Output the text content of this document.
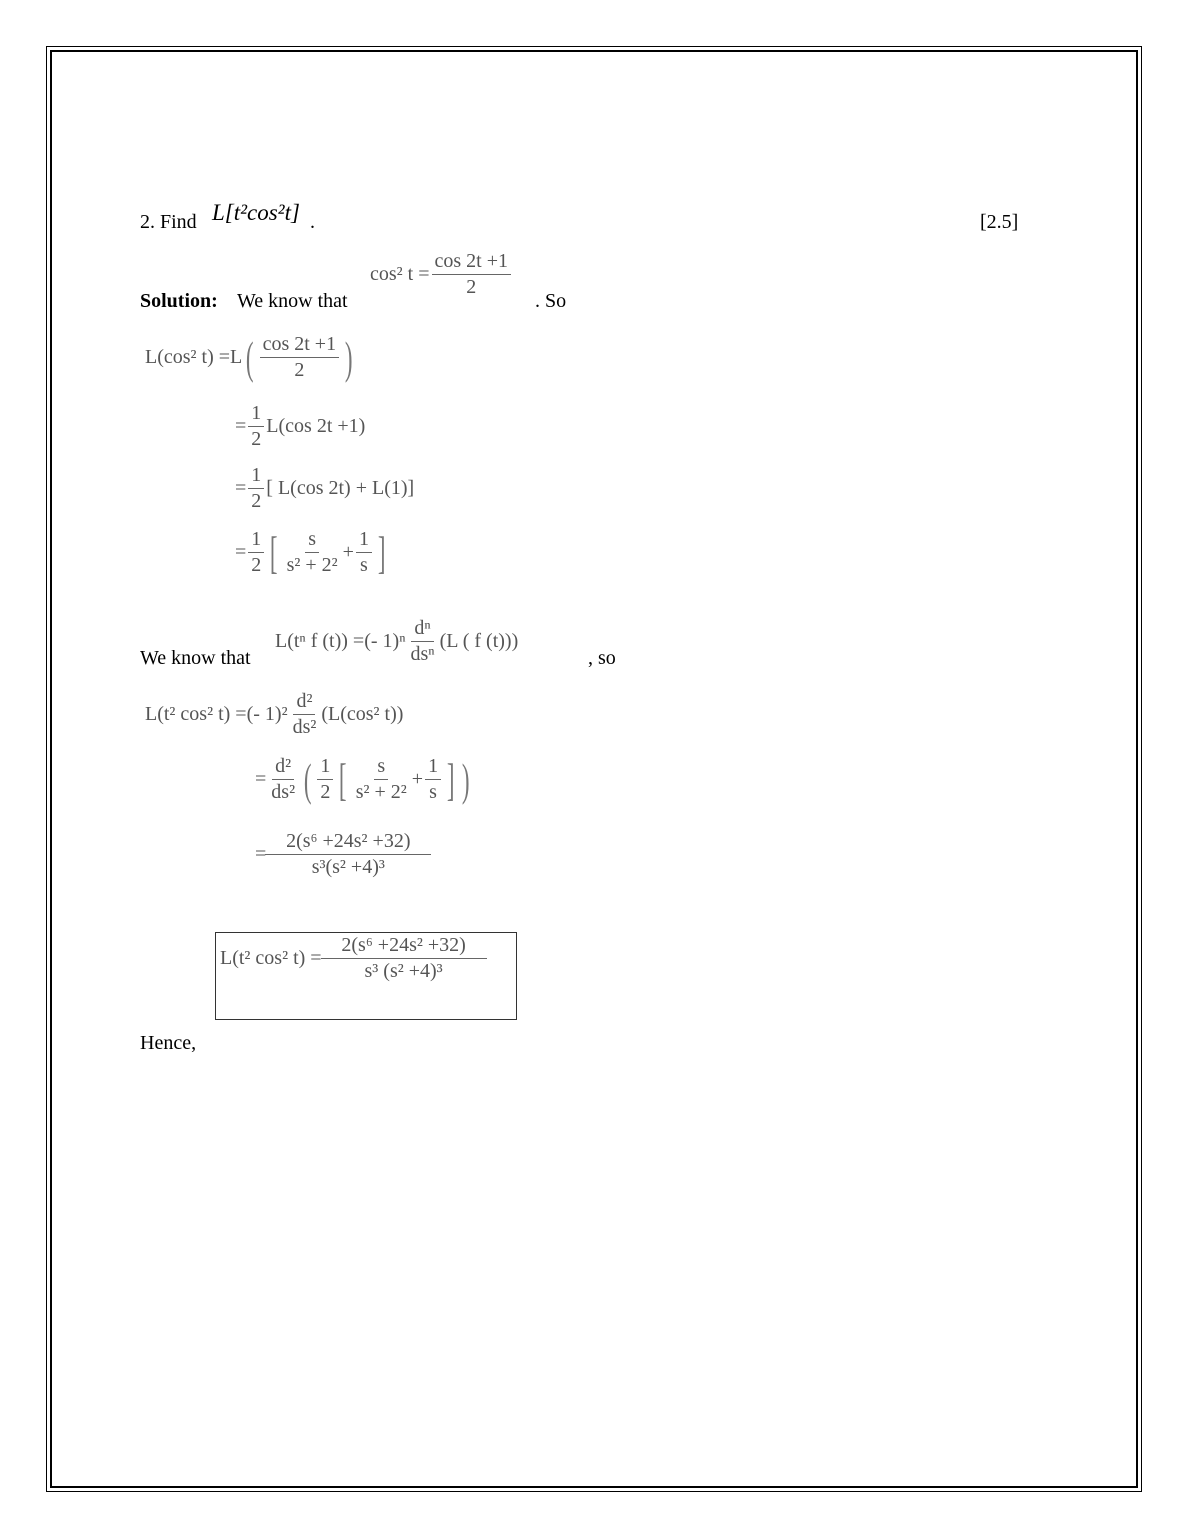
2. Find L[t²cos²t] .	[2.5]
Solution: We know that
cos² $t = \frac{\cos 2t +1}{2}$
. So
L(cos² t) =L ( $\frac{\cos 2t +1}{2}$ )
= $\frac{1}{2} L(\cos$ 2t +1)
= $\frac{1}{2}$ [ L(cos 2t) + L(1)]
= $\frac{1}{2}$ [ $\frac{s}{\text{s² + 2²}} + \frac{1}{s}$ ]
We know that
L(tⁿ f (t)) =(- $1)^n \frac{\text{dⁿ}}{\text{dsⁿ}} (L$ ( f (t)))
, so
L(t² cos² t) =(- $1)^2 \frac{\text{d²}}{\text{ds²}} (L(\cos^2$ t))
= $\frac{\text{d²}}{\text{ds²}}$ ( $\frac{1}{2}$ [ $\frac{s}{\text{s² + 2²}} + \frac{1}{s}$ ] )
= $\frac{\text{2(s⁶ +24s² +32)}}{\text{s³(s² +4)³}}$
L(t² cos² $t) = \frac{\text{2(s⁶ +24s² +32)}}{\text{s³ (s² +4)³}}$
Hence,
